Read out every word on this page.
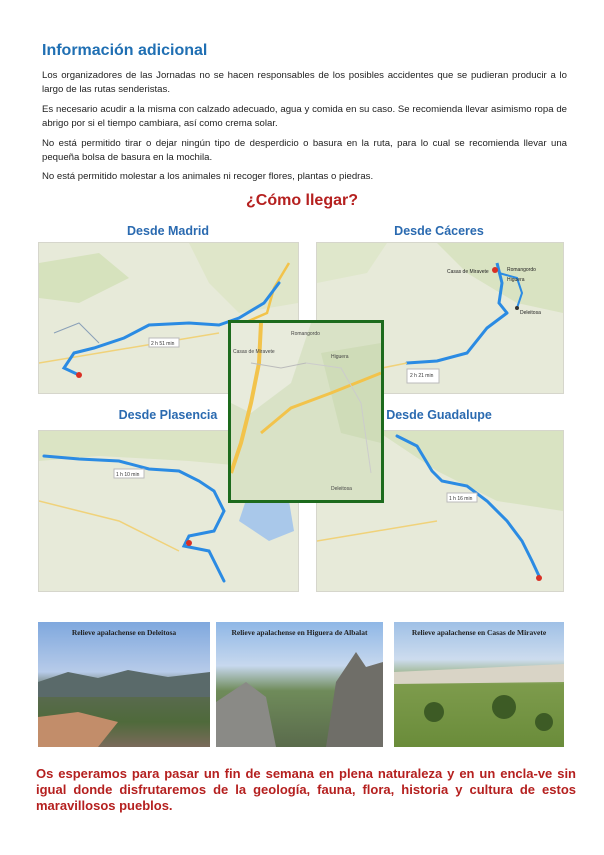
Información adicional
Los organizadores de las Jornadas no se hacen responsables de los posibles accidentes que se pudieran producir a lo largo de las rutas senderistas.
Es necesario acudir a la misma con calzado adecuado, agua y comida en su caso. Se recomienda llevar asimismo ropa de abrigo por si el tiempo cambiara, así como crema solar.
No está permitido tirar o dejar ningún tipo de desperdicio o basura en la ruta, para lo cual se recomienda llevar una pequeña bolsa de basura en la mochila.
No está permitido molestar a los animales ni recoger flores, plantas o piedras.
¿Cómo llegar?
Desde Madrid	Desde Cáceres
Desde Plasencia	Desde Guadalupe
2 h 51 min
Casas de Miravete	Romangordo
Higuera
Deleitosa
2 h 21 min
1 h 10 min
1 h 16 min
Romangordo
Casas de Miravete
Higuera
Deleitosa
Relieve apalachense en Deleitosa	Relieve apalachense en Higuera de Albalat	Relieve apalachense en Casas de Miravete
Os esperamos para pasar un fin de semana en plena naturaleza y en un encla-ve sin igual donde disfrutaremos de la geología, fauna, flora, historia y cultura de estos maravillosos pueblos.
